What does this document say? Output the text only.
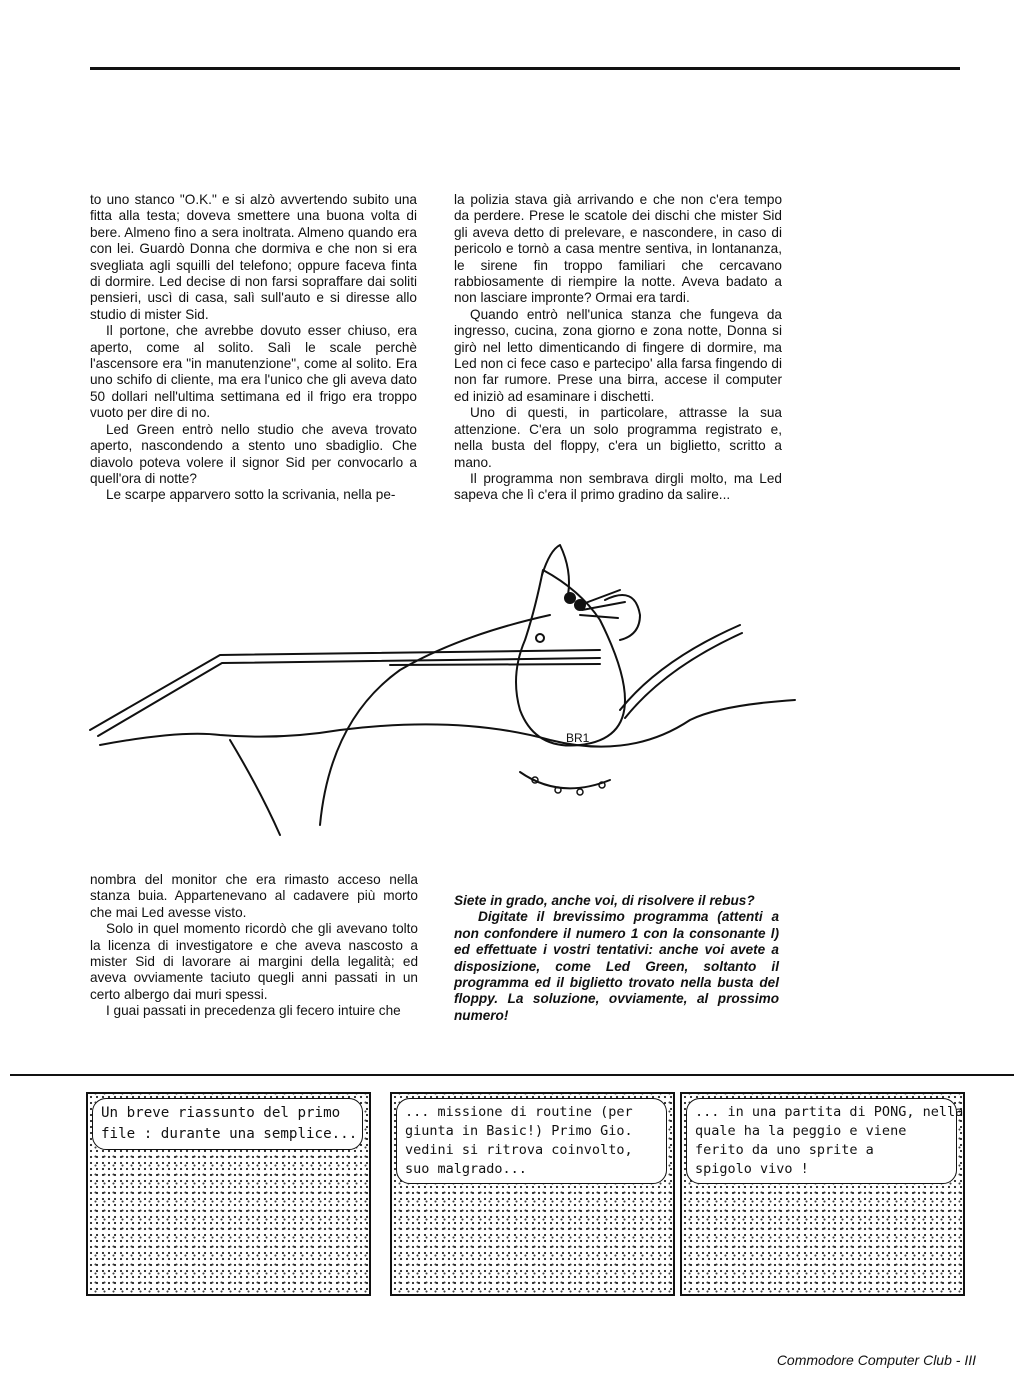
to uno stanco "O.K." e si alzò avvertendo subito una fitta alla testa; doveva smettere una buona volta di bere. Almeno fino a sera inoltrata. Almeno quando era con lei. Guardò Donna che dormiva e che non si era svegliata agli squilli del telefono; oppure faceva finta di dormire. Led decise di non farsi sopraffare dai soliti pensieri, uscì di casa, salì sull'auto e si diresse allo studio di mister Sid.

Il portone, che avrebbe dovuto esser chiuso, era aperto, come al solito. Salì le scale perchè l'ascensore era "in manutenzione", come al solito. Era uno schifo di cliente, ma era l'unico che gli aveva dato 50 dollari nell'ultima settimana ed il frigo era troppo vuoto per dire di no.

Led Green entrò nello studio che aveva trovato aperto, nascondendo a stento uno sbadiglio. Che diavolo poteva volere il signor Sid per convocarlo a quell'ora di notte?

Le scarpe apparvero sotto la scrivania, nella pe-

la polizia stava già arrivando e che non c'era tempo da perdere. Prese le scatole dei dischi che mister Sid gli aveva detto di prelevare, e nascondere, in caso di pericolo e tornò a casa mentre sentiva, in lontananza, le sirene fin troppo familiari che cercavano rabbiosamente di riempire la notte. Aveva badato a non lasciare impronte? Ormai era tardi.

Quando entrò nell'unica stanza che fungeva da ingresso, cucina, zona giorno e zona notte, Donna si girò nel letto dimenticando di fingere di dormire, ma Led non ci fece caso e partecipo' alla farsa fingendo di non far rumore. Prese una birra, accese il computer ed iniziò ad esaminare i dischetti.

Uno di questi, in particolare, attrasse la sua attenzione. C'era un solo programma registrato e, nella busta del floppy, c'era un biglietto, scritto a mano.

Il programma non sembrava dirgli molto, ma Led sapeva che lì c'era il primo gradino da salire...

BR1

nombra del monitor che era rimasto acceso nella stanza buia. Appartenevano al cadavere più morto che mai Led avesse visto.

Solo in quel momento ricordò che gli avevano tolto la licenza di investigatore e che aveva nascosto a mister Sid di lavorare ai margini della legalità; ed aveva ovviamente taciuto quegli anni passati in un certo albergo dai muri spessi.

I guai passati in precedenza gli fecero intuire che

Siete in grado, anche voi, di risolvere il rebus?

Digitate il brevissimo programma (attenti a non confondere il numero 1 con la consonante l) ed effettuate i vostri tentativi: anche voi avete a disposizione, come Led Green, soltanto il programma ed il biglietto trovato nella busta del floppy. La soluzione, ovviamente, al prossimo numero!

Un breve riassunto del primo
file : durante una semplice...
... missione di routine (per
giunta in Basic!) Primo Gio.
vedini si ritrova coinvolto,
suo malgrado...
... in una partita di PONG, nella
quale ha la peggio e viene
ferito da uno sprite a
spigolo vivo !
Commodore Computer Club - III
